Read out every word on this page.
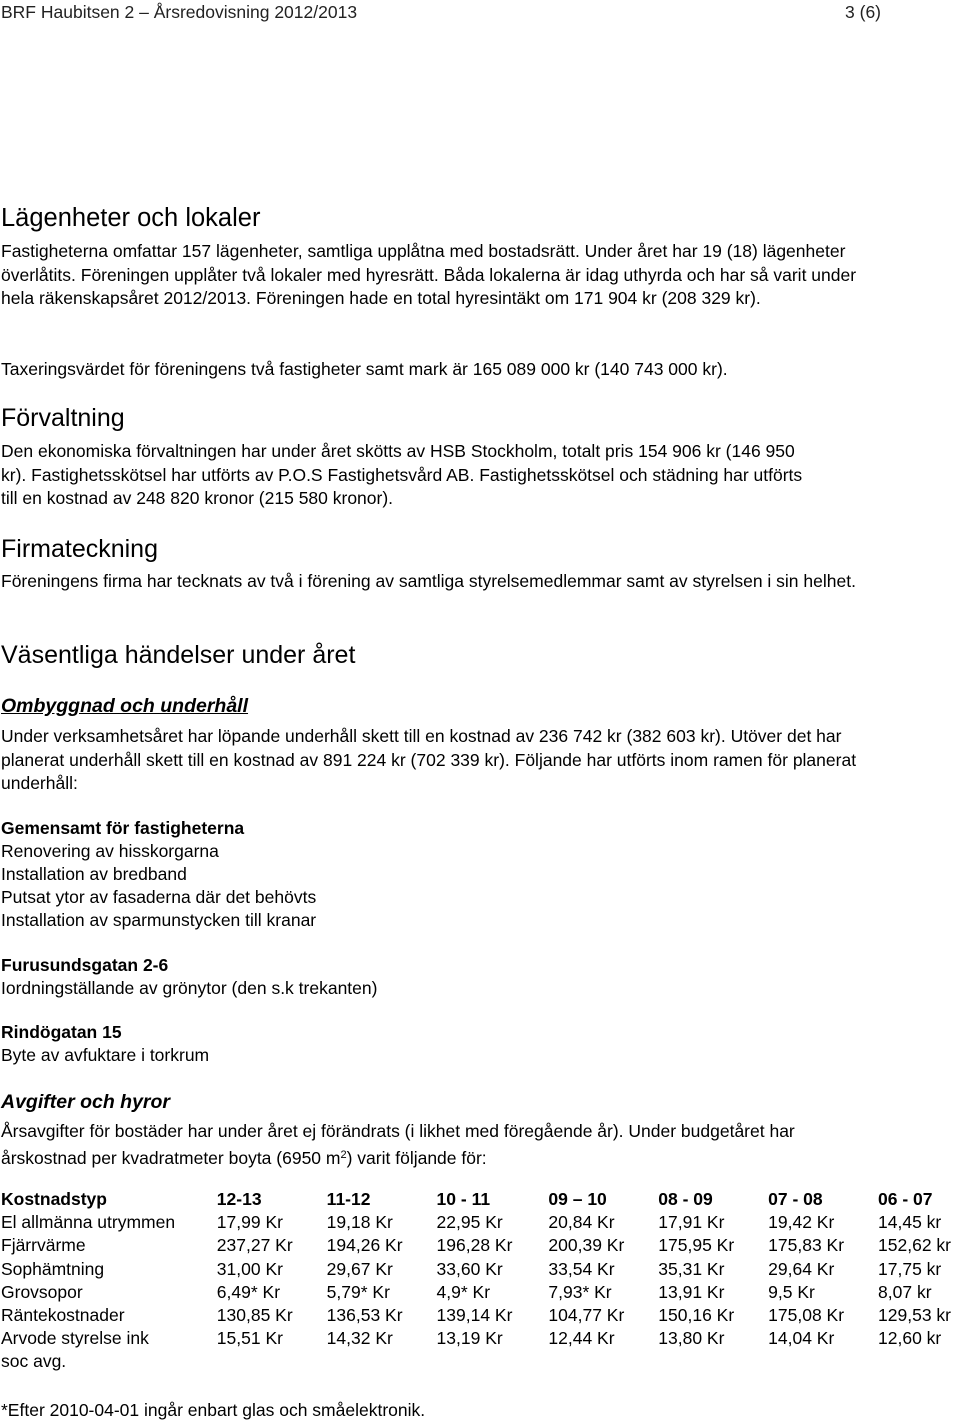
BRF Haubitsen 2 – Årsredovisning 2012/2013	3 (6)
Lägenheter och lokaler

Fastigheterna omfattar 157 lägenheter, samtliga upplåtna med bostadsrätt. Under året har 19 (18) lägenheter överlåtits. Föreningen upplåter två lokaler med hyresrätt. Båda lokalerna är idag uthyrda och har så varit under hela räkenskapsåret 2012/2013. Föreningen hade en total hyresintäkt om 171 904 kr (208 329 kr).

Taxeringsvärdet för föreningens två fastigheter samt mark är 165 089 000 kr (140 743 000 kr).

Förvaltning

Den ekonomiska förvaltningen har under året skötts av HSB Stockholm, totalt pris 154 906 kr (146 950 kr). Fastighetsskötsel har utförts av P.O.S Fastighetsvård AB. Fastighetsskötsel och städning har utförts till en kostnad av 248 820 kronor (215 580 kronor).

Firmateckning

Föreningens firma har tecknats av två i förening av samtliga styrelsemedlemmar samt av styrelsen i sin helhet.

Väsentliga händelser under året
Ombyggnad och underhåll

Under verksamhetsåret har löpande underhåll skett till en kostnad av 236 742 kr (382 603 kr). Utöver det har planerat underhåll skett till en kostnad av 891 224 kr (702 339 kr). Följande har utförts inom ramen för planerat underhåll:

Gemensamt för fastigheterna
Renovering av hisskorgarna
Installation av bredband
Putsat ytor av fasaderna där det behövts
Installation av sparmunstycken till kranar
Furusundsgatan 2-6
Iordningställande av grönytor (den s.k trekanten)
Rindögatan 15
Byte av avfuktare i torkrum
Avgifter och hyror

Årsavgifter för bostäder har under året ej förändrats (i likhet med föregående år). Under budgetåret har årskostnad per kvadratmeter boyta (6950 $m^2$) varit följande för:

Kostnadstyp	12-13	11-12	10 - 11	09 – 10	08 - 09	07 - 08	06 - 07
El allmänna utrymmen	17,99 Kr	19,18 Kr	22,95 Kr	20,84 Kr	17,91 Kr	19,42 Kr	14,45 kr
Fjärrvärme	237,27 Kr	194,26 Kr	196,28 Kr	200,39 Kr	175,95 Kr	175,83 Kr	152,62 kr
Sophämtning	31,00 Kr	29,67 Kr	33,60 Kr	33,54 Kr	35,31 Kr	29,64 Kr	17,75 kr
Grovsopor	6,49* Kr	5,79* Kr	4,9* Kr	7,93* Kr	13,91 Kr	9,5 Kr	8,07 kr
Räntekostnader	130,85 Kr	136,53 Kr	139,14 Kr	104,77 Kr	150,16 Kr	175,08 Kr	129,53 kr
Arvode styrelse ink soc avg.	15,51 Kr	14,32 Kr	13,19 Kr	12,44 Kr	13,80 Kr	14,04 Kr	12,60 kr
*Efter 2010-04-01 ingår enbart glas och småelektronik.
